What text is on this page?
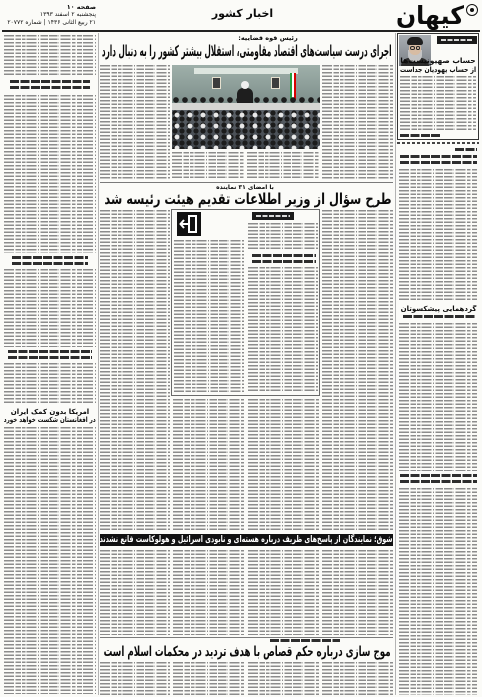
صفحه ۱۰
پنجشنبه ۲ اسفند ۱۳۹۳
۲۱ ربیع الثانی ۱۴۳۶ | شماره ۲۰۷۷۲
اخبار کشور	کیهان
آمریکا بدون کمک ایران
در افغانستان شکست خواهد خورد
رئیس قوه قضاییه:
اجرای درست سیاست‌های اقتصاد مقاومتی، استقلال بیشتر کشور را به دنبال دارد
با امضای ۳۱ نماینده
طرح سؤال از وزیر اطلاعات تقدیم هیئت رئیسه شد
شوق؛ نمایندگان از پاسخ‌های ظریف درباره هسته‌ای و نابودی اسرائیل و هولوکاست قانع نشدند
موج سازی درباره حکم قصاص با هدف تردید در محکمات اسلام است
حساب صهیونیست‌ها
از حساب یهودیان جداست
گردهمایی پیشکسوتان
